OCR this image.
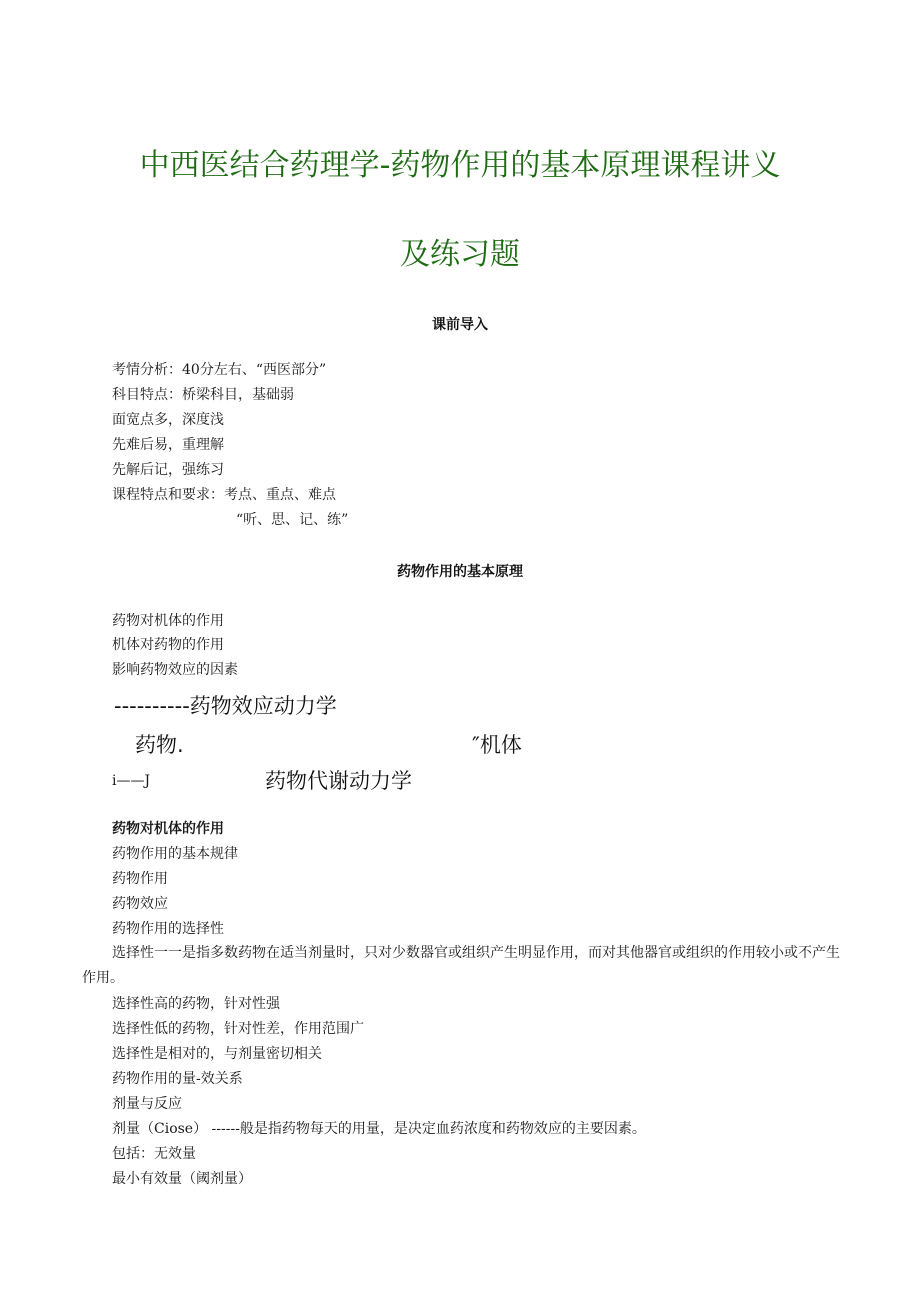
中西医结合药理学-药物作用的基本原理课程讲义
及练习题
课前导入
考情分析：40分左右、“西医部分”
科目特点：桥梁科目，基础弱
面宽点多，深度浅
先难后易，重理解
先解后记，强练习
课程特点和要求：考点、重点、难点
“听、思、记、练”
药物作用的基本原理
药物对机体的作用
机体对药物的作用
影响药物效应的因素
----------药物效应动力学
药物.	″机体
i——J	药物代谢动力学
药物对机体的作用
药物作用的基本规律
药物作用
药物效应
药物作用的选择性
选择性一一是指多数药物在适当剂量时，只对少数器官或组织产生明显作用，而对其他器官或组织的作用较小或不产生作用。
选择性高的药物，针对性强
选择性低的药物，针对性差，作用范围广
选择性是相对的，与剂量密切相关
药物作用的量-效关系
剂量与反应
剂量（Ciose） ------般是指药物每天的用量，是决定血药浓度和药物效应的主要因素。
包括：无效量
最小有效量（阈剂量）
